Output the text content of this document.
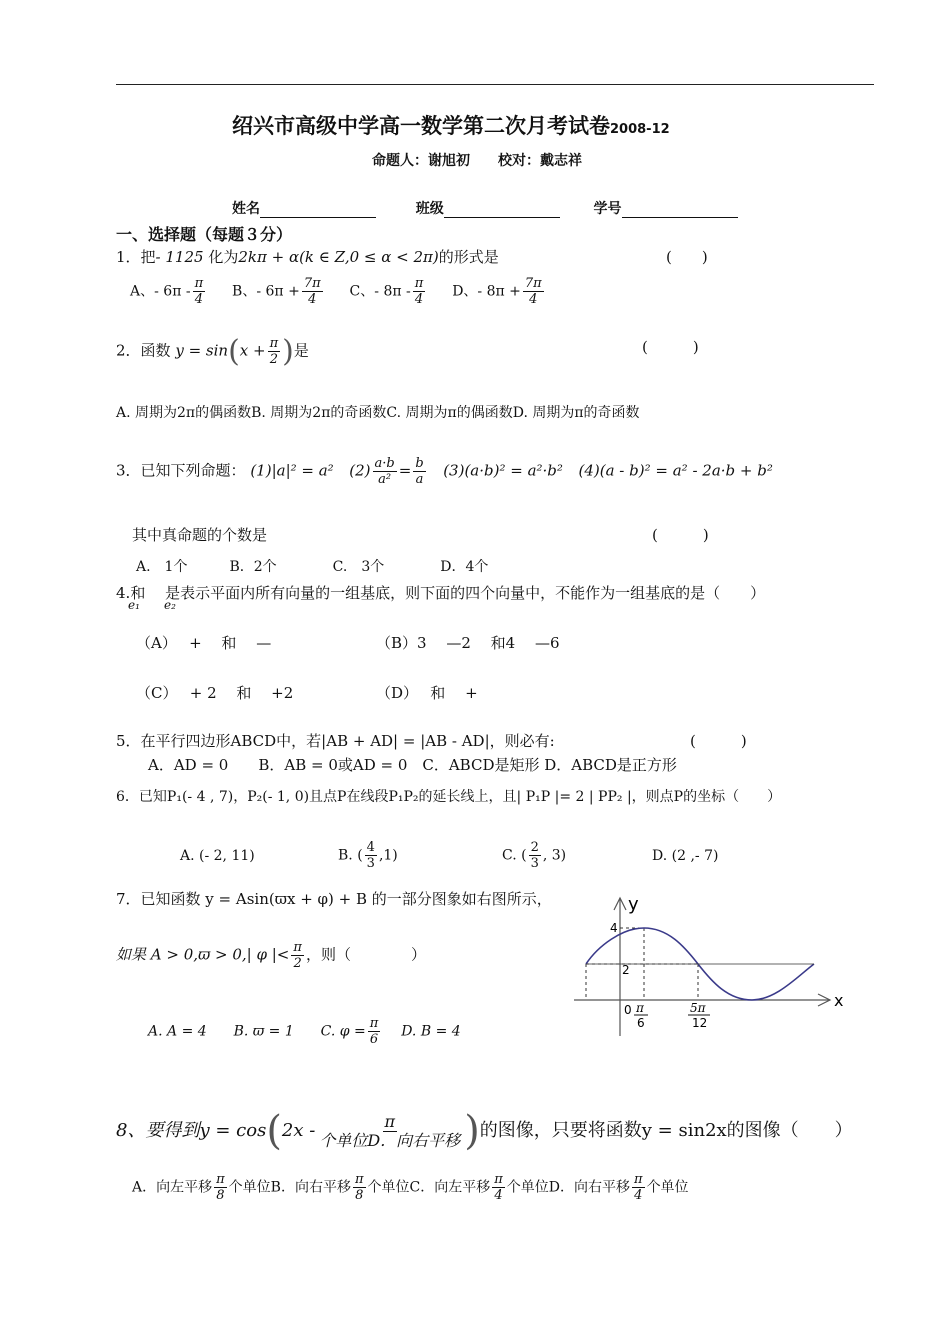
绍兴市高级中学高一数学第二次月考试卷2008-12
命题人：谢旭初　　校对：戴志祥
姓名	班级	学号
一、选择题（每题３分）
1．把- 1125 化为2kπ + α(k ∈ Z,0 ≤ α < 2π)的形式是	(　　)
A、- $6\pi - \frac{\pi}{4}$ B、- $6\pi + \frac{7\pi}{4}$ C、- $8\pi - \frac{\pi}{4}$ D、- $8\pi + \frac{7\pi}{4}$
2．函数 $y = \sin(x + \frac{\pi}{2}$ )是	(　　　)
A. 周期为2π的偶函数B. 周期为2π的奇函数C. 周期为π的偶函数D. 周期为π的奇函数
3．已知下列命题： (1)|a|² = a² $(2) \frac{a\cdot b}{\text{a²}} = \frac{b}{a} (3)(a\cdot b)^2 = a^2\cdot b^2$ (4)(a - b)² = a² - 2a·b + b²
其中真命题的个数是	(　　　)
A.　1个　　　B．2个　　　　C.　3个　　　　D．4个
4.和　 是表示平面内所有向量的一组基底，则下面的四个向量中，不能作为一组基底的是（　　）
e₁ e₂
（A）　 +　 和　 —	（B）3　 —2　 和4　 —6
（C）　 + 2　 和　 +2	（D）　 和　 +
5．在平行四边形ABCD中，若|AB + AD| = |AB - AD|，则必有:	(　　　)
A．AD = 0　　B．AB = 0或AD = 0　C．ABCD是矩形 D．ABCD是正方形
6．已知P₁(- 4 , 7)，P₂(- 1, 0)且点P在线段P₁P₂的延长线上，且| P₁P |= 2 | PP₂ |，则点P的坐标（　　）
A. (- 2, 11)	B. ( $\frac{4}{3} ,1$)	C. ( $\frac{2}{3}$ , 3)	D. (2 ,- 7)
7．已知函数 y = Asin(ϖx + φ) + B 的一部分图象如右图所示，
如果 A > 0,ϖ > 0,| φ |< $\frac{\pi}{2}$ ，则（　　　　）
A. A = 4 B. ϖ = 1 C. $\varphi = \frac{\pi}{6} D$. B = 4
y
x
4
2
0 π
6
5π
12
8、要得到$y = \cos(2x - \frac{\pi}{\text{个单位D．向右平移}}$ )的图像，只要将函数y = sin2x的图像（　　）
A．向左平移 $\frac{\pi}{8}$ 个单位B．向右平移 $\frac{\pi}{8}$ 个单位C．向左平移 $\frac{\pi}{4}$ 个单位D．向右平移 $\frac{\pi}{4}$ 个单位
